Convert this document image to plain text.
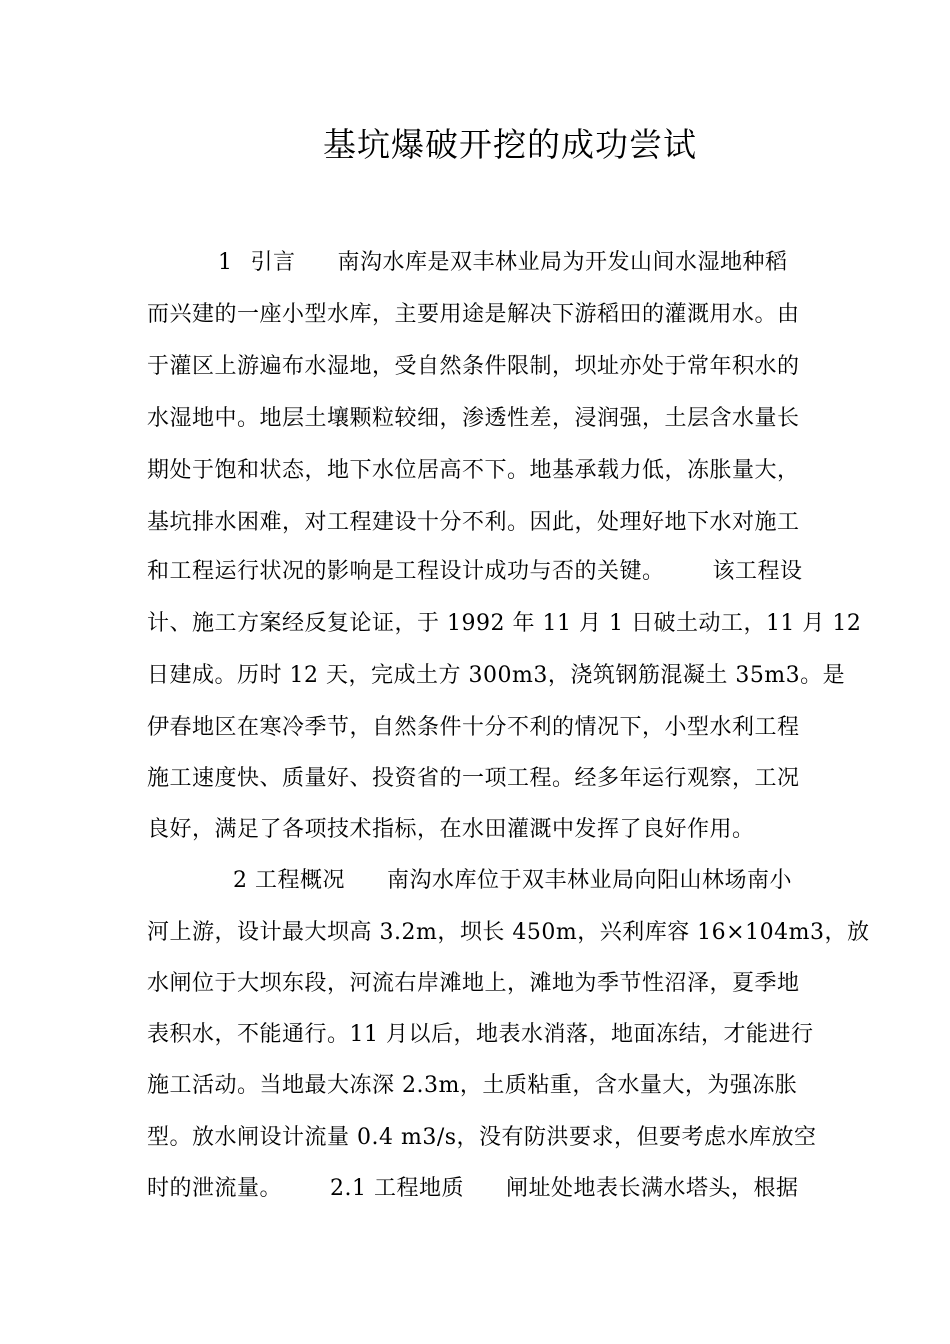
基坑爆破开挖的成功尝试
1 引言 南沟水库是双丰林业局为开发山间水湿地种稻
而兴建的一座小型水库，主要用途是解决下游稻田的灌溉用水。由
于灌区上游遍布水湿地，受自然条件限制，坝址亦处于常年积水的
水湿地中。地层土壤颗粒较细，渗透性差，浸润强，土层含水量长
期处于饱和状态，地下水位居高不下。地基承载力低，冻胀量大，
基坑排水困难，对工程建设十分不利。因此，处理好地下水对施工
和工程运行状况的影响是工程设计成功与否的关键。 该工程设
计、施工方案经反复论证，于 1992 年 11 月 1 日破土动工，11 月 12
日建成。历时 12 天，完成土方 300m3，浇筑钢筋混凝土 35m3。是
伊春地区在寒冷季节，自然条件十分不利的情况下，小型水利工程
施工速度快、质量好、投资省的一项工程。经多年运行观察，工况
良好，满足了各项技术指标，在水田灌溉中发挥了良好作用。
2 工程概况 南沟水库位于双丰林业局向阳山林场南小
河上游，设计最大坝高 3.2m，坝长 450m，兴利库容 16×104m3，放
水闸位于大坝东段，河流右岸滩地上，滩地为季节性沼泽，夏季地
表积水，不能通行。11 月以后，地表水消落，地面冻结，才能进行
施工活动。当地最大冻深 2.3m，土质粘重，含水量大，为强冻胀
型。放水闸设计流量 0.4 m3/s，没有防洪要求，但要考虑水库放空
时的泄流量。 2.1 工程地质 闸址处地表长满水塔头，根据
